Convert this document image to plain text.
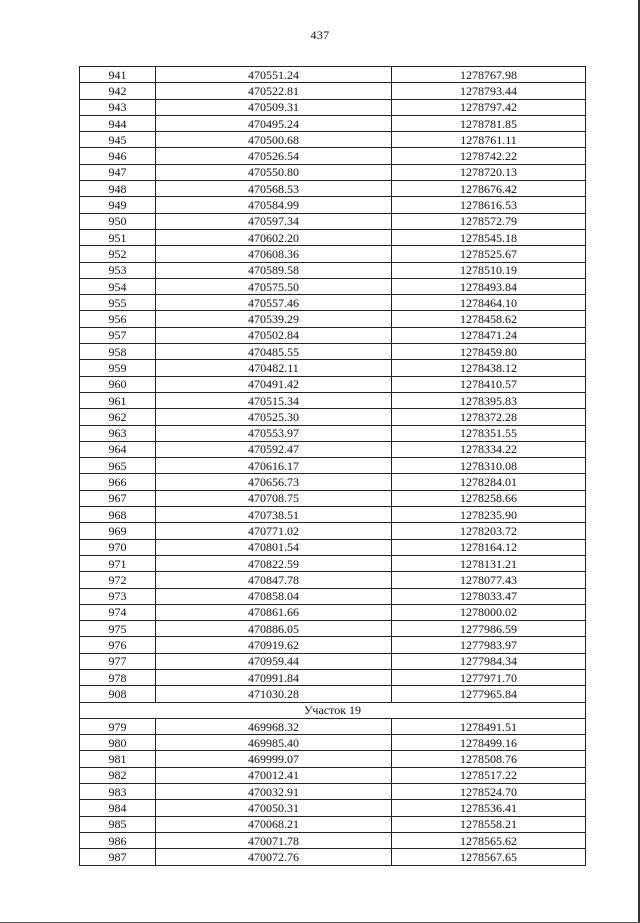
437
941	470551.24	1278767.98
942	470522.81	1278793.44
943	470509.31	1278797.42
944	470495.24	1278781.85
945	470500.68	1278761.11
946	470526.54	1278742.22
947	470550.80	1278720.13
948	470568.53	1278676.42
949	470584.99	1278616.53
950	470597.34	1278572.79
951	470602.20	1278545.18
952	470608.36	1278525.67
953	470589.58	1278510.19
954	470575.50	1278493.84
955	470557.46	1278464.10
956	470539.29	1278458.62
957	470502.84	1278471.24
958	470485.55	1278459.80
959	470482.11	1278438.12
960	470491.42	1278410.57
961	470515.34	1278395.83
962	470525.30	1278372.28
963	470553.97	1278351.55
964	470592.47	1278334.22
965	470616.17	1278310.08
966	470656.73	1278284.01
967	470708.75	1278258.66
968	470738.51	1278235.90
969	470771.02	1278203.72
970	470801.54	1278164.12
971	470822.59	1278131.21
972	470847.78	1278077.43
973	470858.04	1278033.47
974	470861.66	1278000.02
975	470886.05	1277986.59
976	470919.62	1277983.97
977	470959.44	1277984.34
978	470991.84	1277971.70
908	471030.28	1277965.84
Участок 19		
979	469968.32	1278491.51
980	469985.40	1278499.16
981	469999.07	1278508.76
982	470012.41	1278517.22
983	470032.91	1278524.70
984	470050.31	1278536.41
985	470068.21	1278558.21
986	470071.78	1278565.62
987	470072.76	1278567.65
